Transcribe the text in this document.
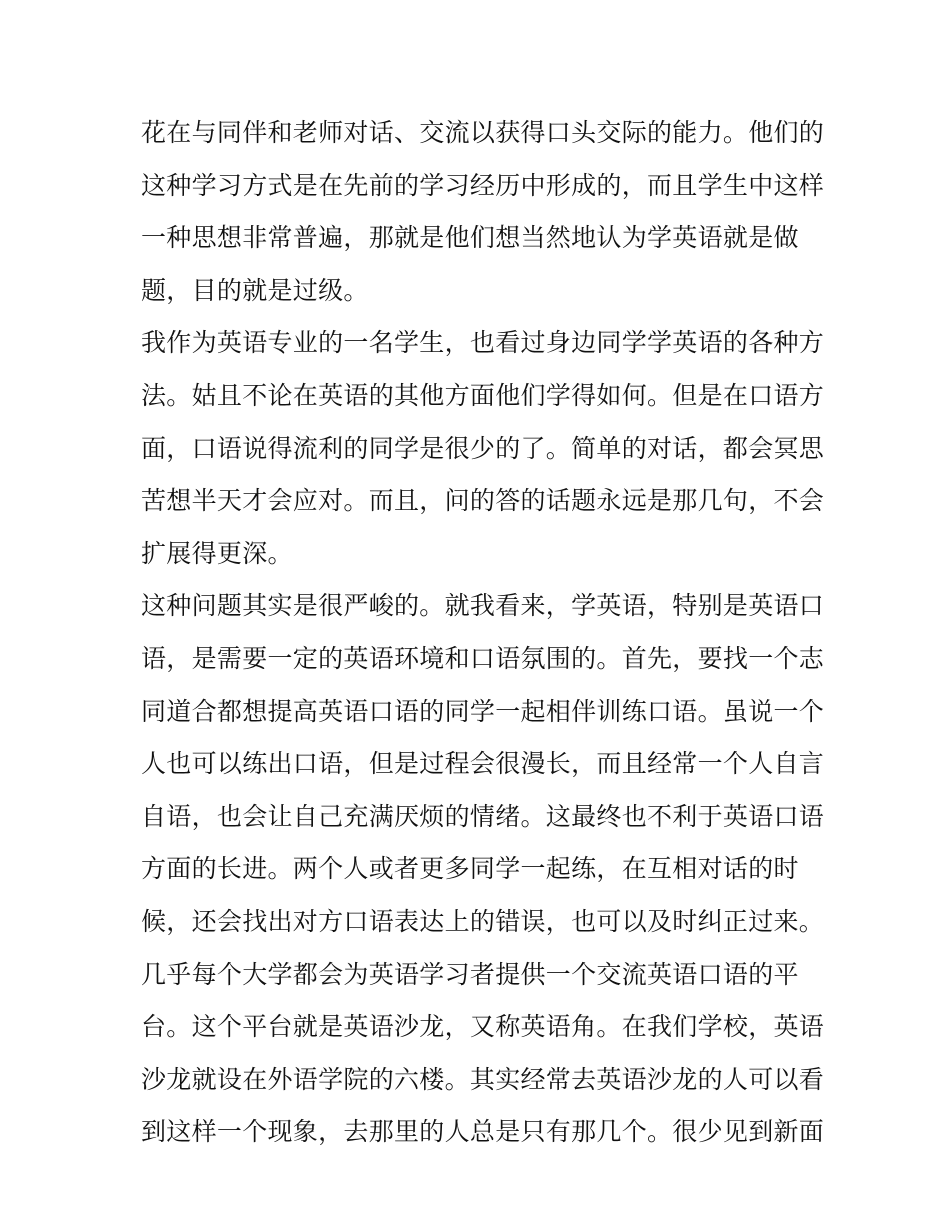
花在与同伴和老师对话、交流以获得口头交际的能力。他们的
这种学习方式是在先前的学习经历中形成的，而且学生中这样
一种思想非常普遍，那就是他们想当然地认为学英语就是做
题，目的就是过级。
我作为英语专业的一名学生，也看过身边同学学英语的各种方
法。姑且不论在英语的其他方面他们学得如何。但是在口语方
面，口语说得流利的同学是很少的了。简单的对话，都会冥思
苦想半天才会应对。而且，问的答的话题永远是那几句，不会
扩展得更深。
这种问题其实是很严峻的。就我看来，学英语，特别是英语口
语，是需要一定的英语环境和口语氛围的。首先，要找一个志
同道合都想提高英语口语的同学一起相伴训练口语。虽说一个
人也可以练出口语，但是过程会很漫长，而且经常一个人自言
自语，也会让自己充满厌烦的情绪。这最终也不利于英语口语
方面的长进。两个人或者更多同学一起练，在互相对话的时
候，还会找出对方口语表达上的错误，也可以及时纠正过来。
几乎每个大学都会为英语学习者提供一个交流英语口语的平
台。这个平台就是英语沙龙，又称英语角。在我们学校，英语
沙龙就设在外语学院的六楼。其实经常去英语沙龙的人可以看
到这样一个现象，去那里的人总是只有那几个。很少见到新面
